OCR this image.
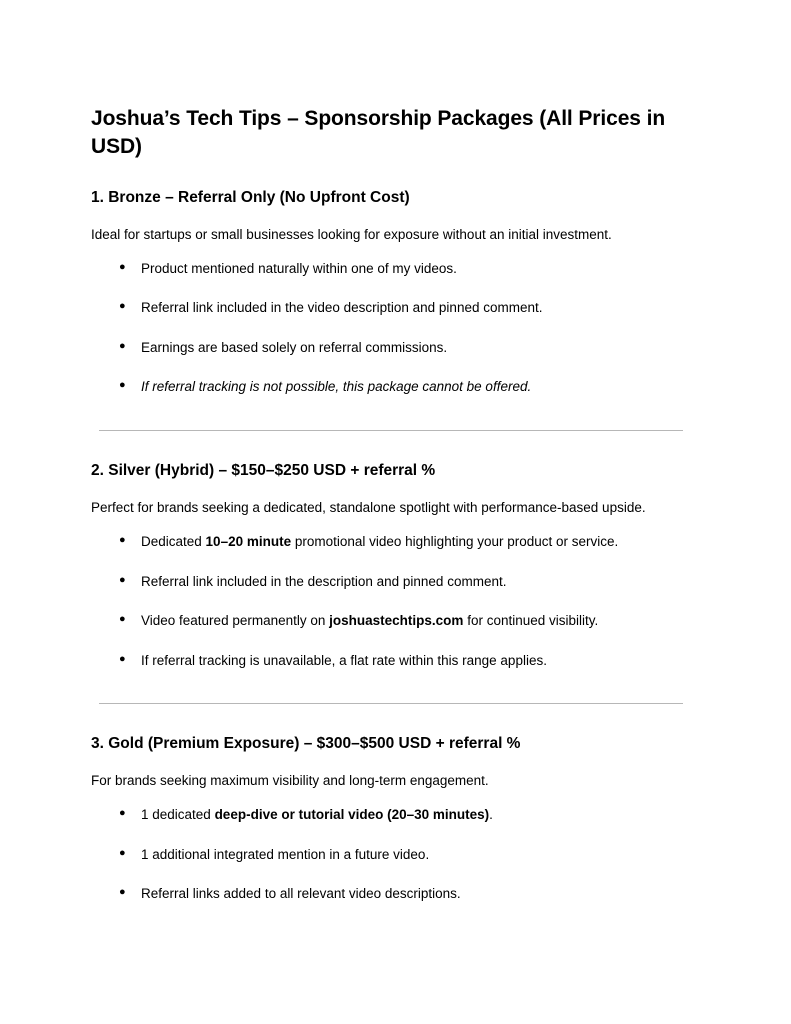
Joshua’s Tech Tips – Sponsorship Packages (All Prices in USD)
1. Bronze – Referral Only (No Upfront Cost)

Ideal for startups or small businesses looking for exposure without an initial investment.

● Product mentioned naturally within one of my videos.
● Referral link included in the video description and pinned comment.
● Earnings are based solely on referral commissions.
● If referral tracking is not possible, this package cannot be offered.
2. Silver (Hybrid) – $150–$250 USD + referral %

Perfect for brands seeking a dedicated, standalone spotlight with performance-based upside.

● Dedicated 10–20 minute promotional video highlighting your product or service.
● Referral link included in the description and pinned comment.
● Video featured permanently on joshuastechtips.com for continued visibility.
● If referral tracking is unavailable, a flat rate within this range applies.
3. Gold (Premium Exposure) – $300–$500 USD + referral %

For brands seeking maximum visibility and long-term engagement.

● 1 dedicated deep-dive or tutorial video (20–30 minutes).
● 1 additional integrated mention in a future video.
● Referral links added to all relevant video descriptions.
